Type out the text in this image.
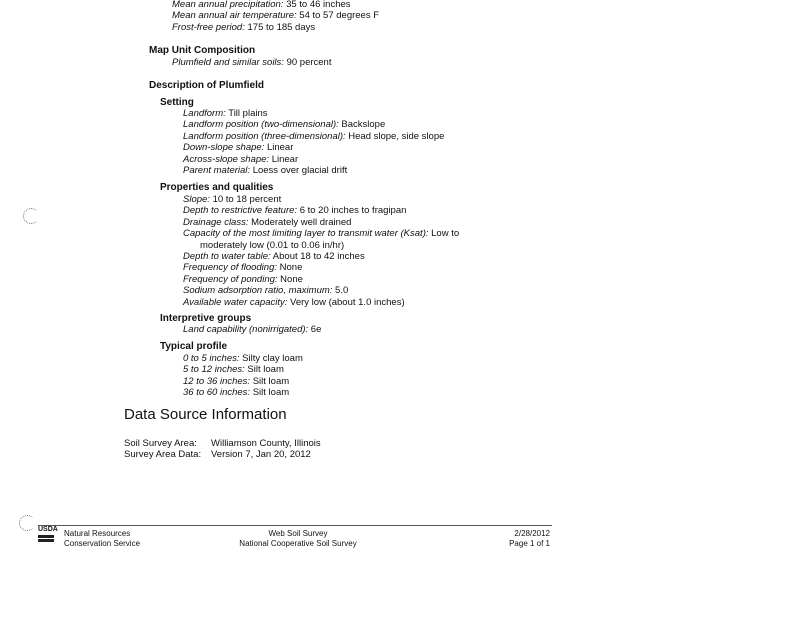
Mean annual precipitation: 35 to 46 inches
Mean annual air temperature: 54 to 57 degrees F
Frost-free period: 175 to 185 days
Map Unit Composition
Plumfield and similar soils: 90 percent
Description of Plumfield
Setting
Landform: Till plains
Landform position (two-dimensional): Backslope
Landform position (three-dimensional): Head slope, side slope
Down-slope shape: Linear
Across-slope shape: Linear
Parent material: Loess over glacial drift
Properties and qualities
Slope: 10 to 18 percent
Depth to restrictive feature: 6 to 20 inches to fragipan
Drainage class: Moderately well drained
Capacity of the most limiting layer to transmit water (Ksat): Low to
moderately low (0.01 to 0.06 in/hr)
Depth to water table: About 18 to 42 inches
Frequency of flooding: None
Frequency of ponding: None
Sodium adsorption ratio, maximum: 5.0
Available water capacity: Very low (about 1.0 inches)
Interpretive groups
Land capability (nonirrigated): 6e
Typical profile
0 to 5 inches: Silty clay loam
5 to 12 inches: Silt loam
12 to 36 inches: Silt loam
36 to 60 inches: Silt loam
Data Source Information
Soil Survey Area:
Survey Area Data:
Williamson County, Illinois
Version 7, Jan 20, 2012
USDA Natural Resources
Conservation Service
Web Soil Survey
National Cooperative Soil Survey
2/28/2012
Page 1 of 1
